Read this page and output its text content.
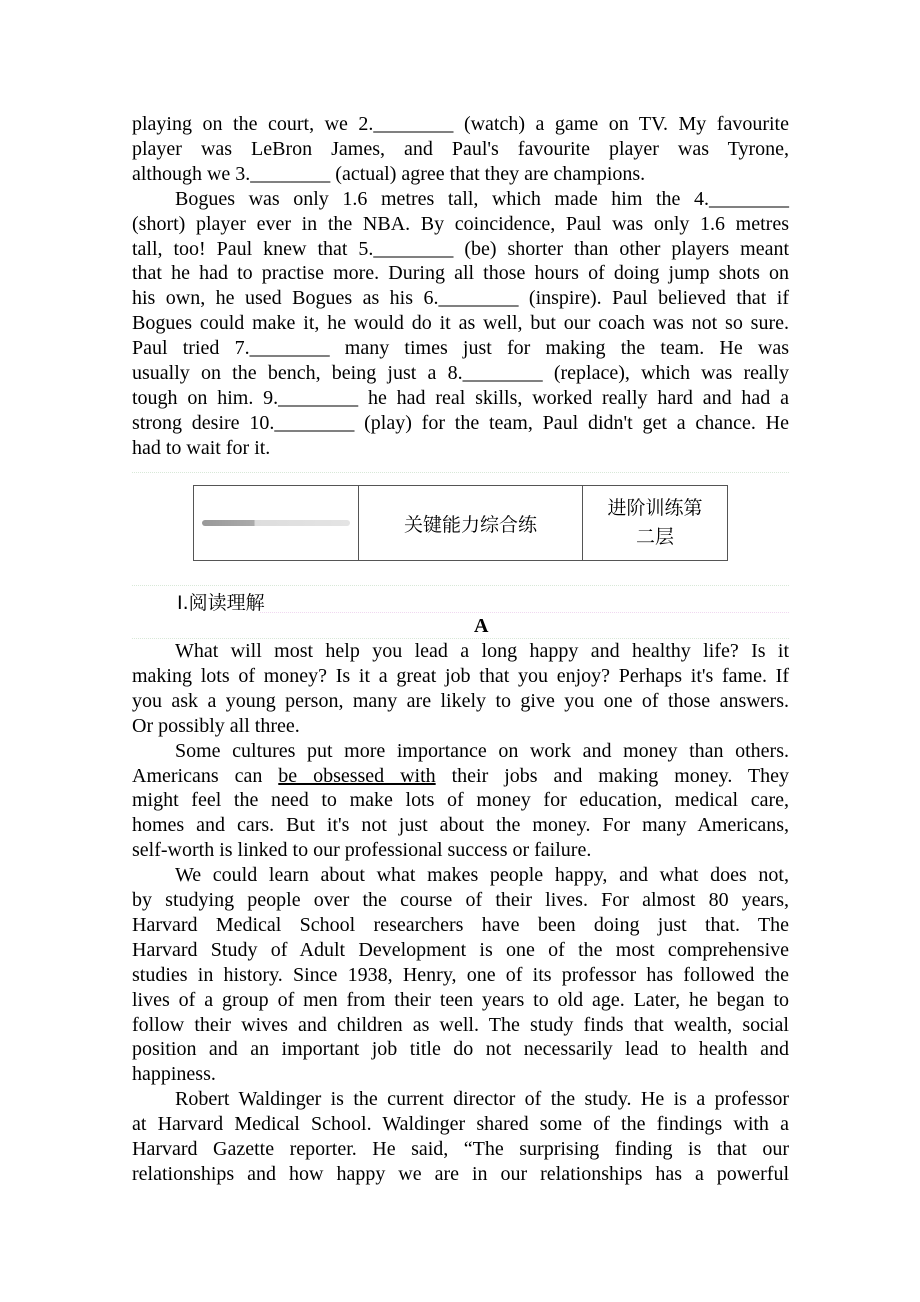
playing on the court, we 2.________ (watch) a game on TV. My favourite
player was LeBron James, and Paul's favourite player was Tyrone,
although we 3.________ (actual) agree that they are champions.
Bogues was only 1.6 metres tall, which made him the 4.________
(short) player ever in the NBA. By coincidence, Paul was only 1.6 metres
tall, too! Paul knew that 5.________ (be) shorter than other players meant
that he had to practise more. During all those hours of doing jump shots on
his own, he used Bogues as his 6.________ (inspire). Paul believed that if
Bogues could make it, he would do it as well, but our coach was not so sure.
Paul tried 7.________ many times just for making the team. He was
usually on the bench, being just a 8.________ (replace), which was really
tough on him. 9.________ he had real skills, worked really hard and had a
strong desire 10.________ (play) for the team, Paul didn't get a chance. He
had to wait for it.
关键能力综合练
进阶训练第
二层
Ⅰ.阅读理解
A
What will most help you lead a long happy and healthy life? Is it
making lots of money? Is it a great job that you enjoy? Perhaps it's fame. If
you ask a young person, many are likely to give you one of those answers.
Or possibly all three.
Some cultures put more importance on work and money than others.
Americans can be obsessed with their jobs and making money. They
might feel the need to make lots of money for education, medical care,
homes and cars. But it's not just about the money. For many Americans,
self-worth is linked to our professional success or failure.
We could learn about what makes people happy, and what does not,
by studying people over the course of their lives. For almost 80 years,
Harvard Medical School researchers have been doing just that. The
Harvard Study of Adult Development is one of the most comprehensive
studies in history. Since 1938, Henry, one of its professor has followed the
lives of a group of men from their teen years to old age. Later, he began to
follow their wives and children as well. The study finds that wealth, social
position and an important job title do not necessarily lead to health and
happiness.
Robert Waldinger is the current director of the study. He is a professor
at Harvard Medical School. Waldinger shared some of the findings with a
Harvard Gazette reporter. He said, “The surprising finding is that our
relationships and how happy we are in our relationships has a powerful
